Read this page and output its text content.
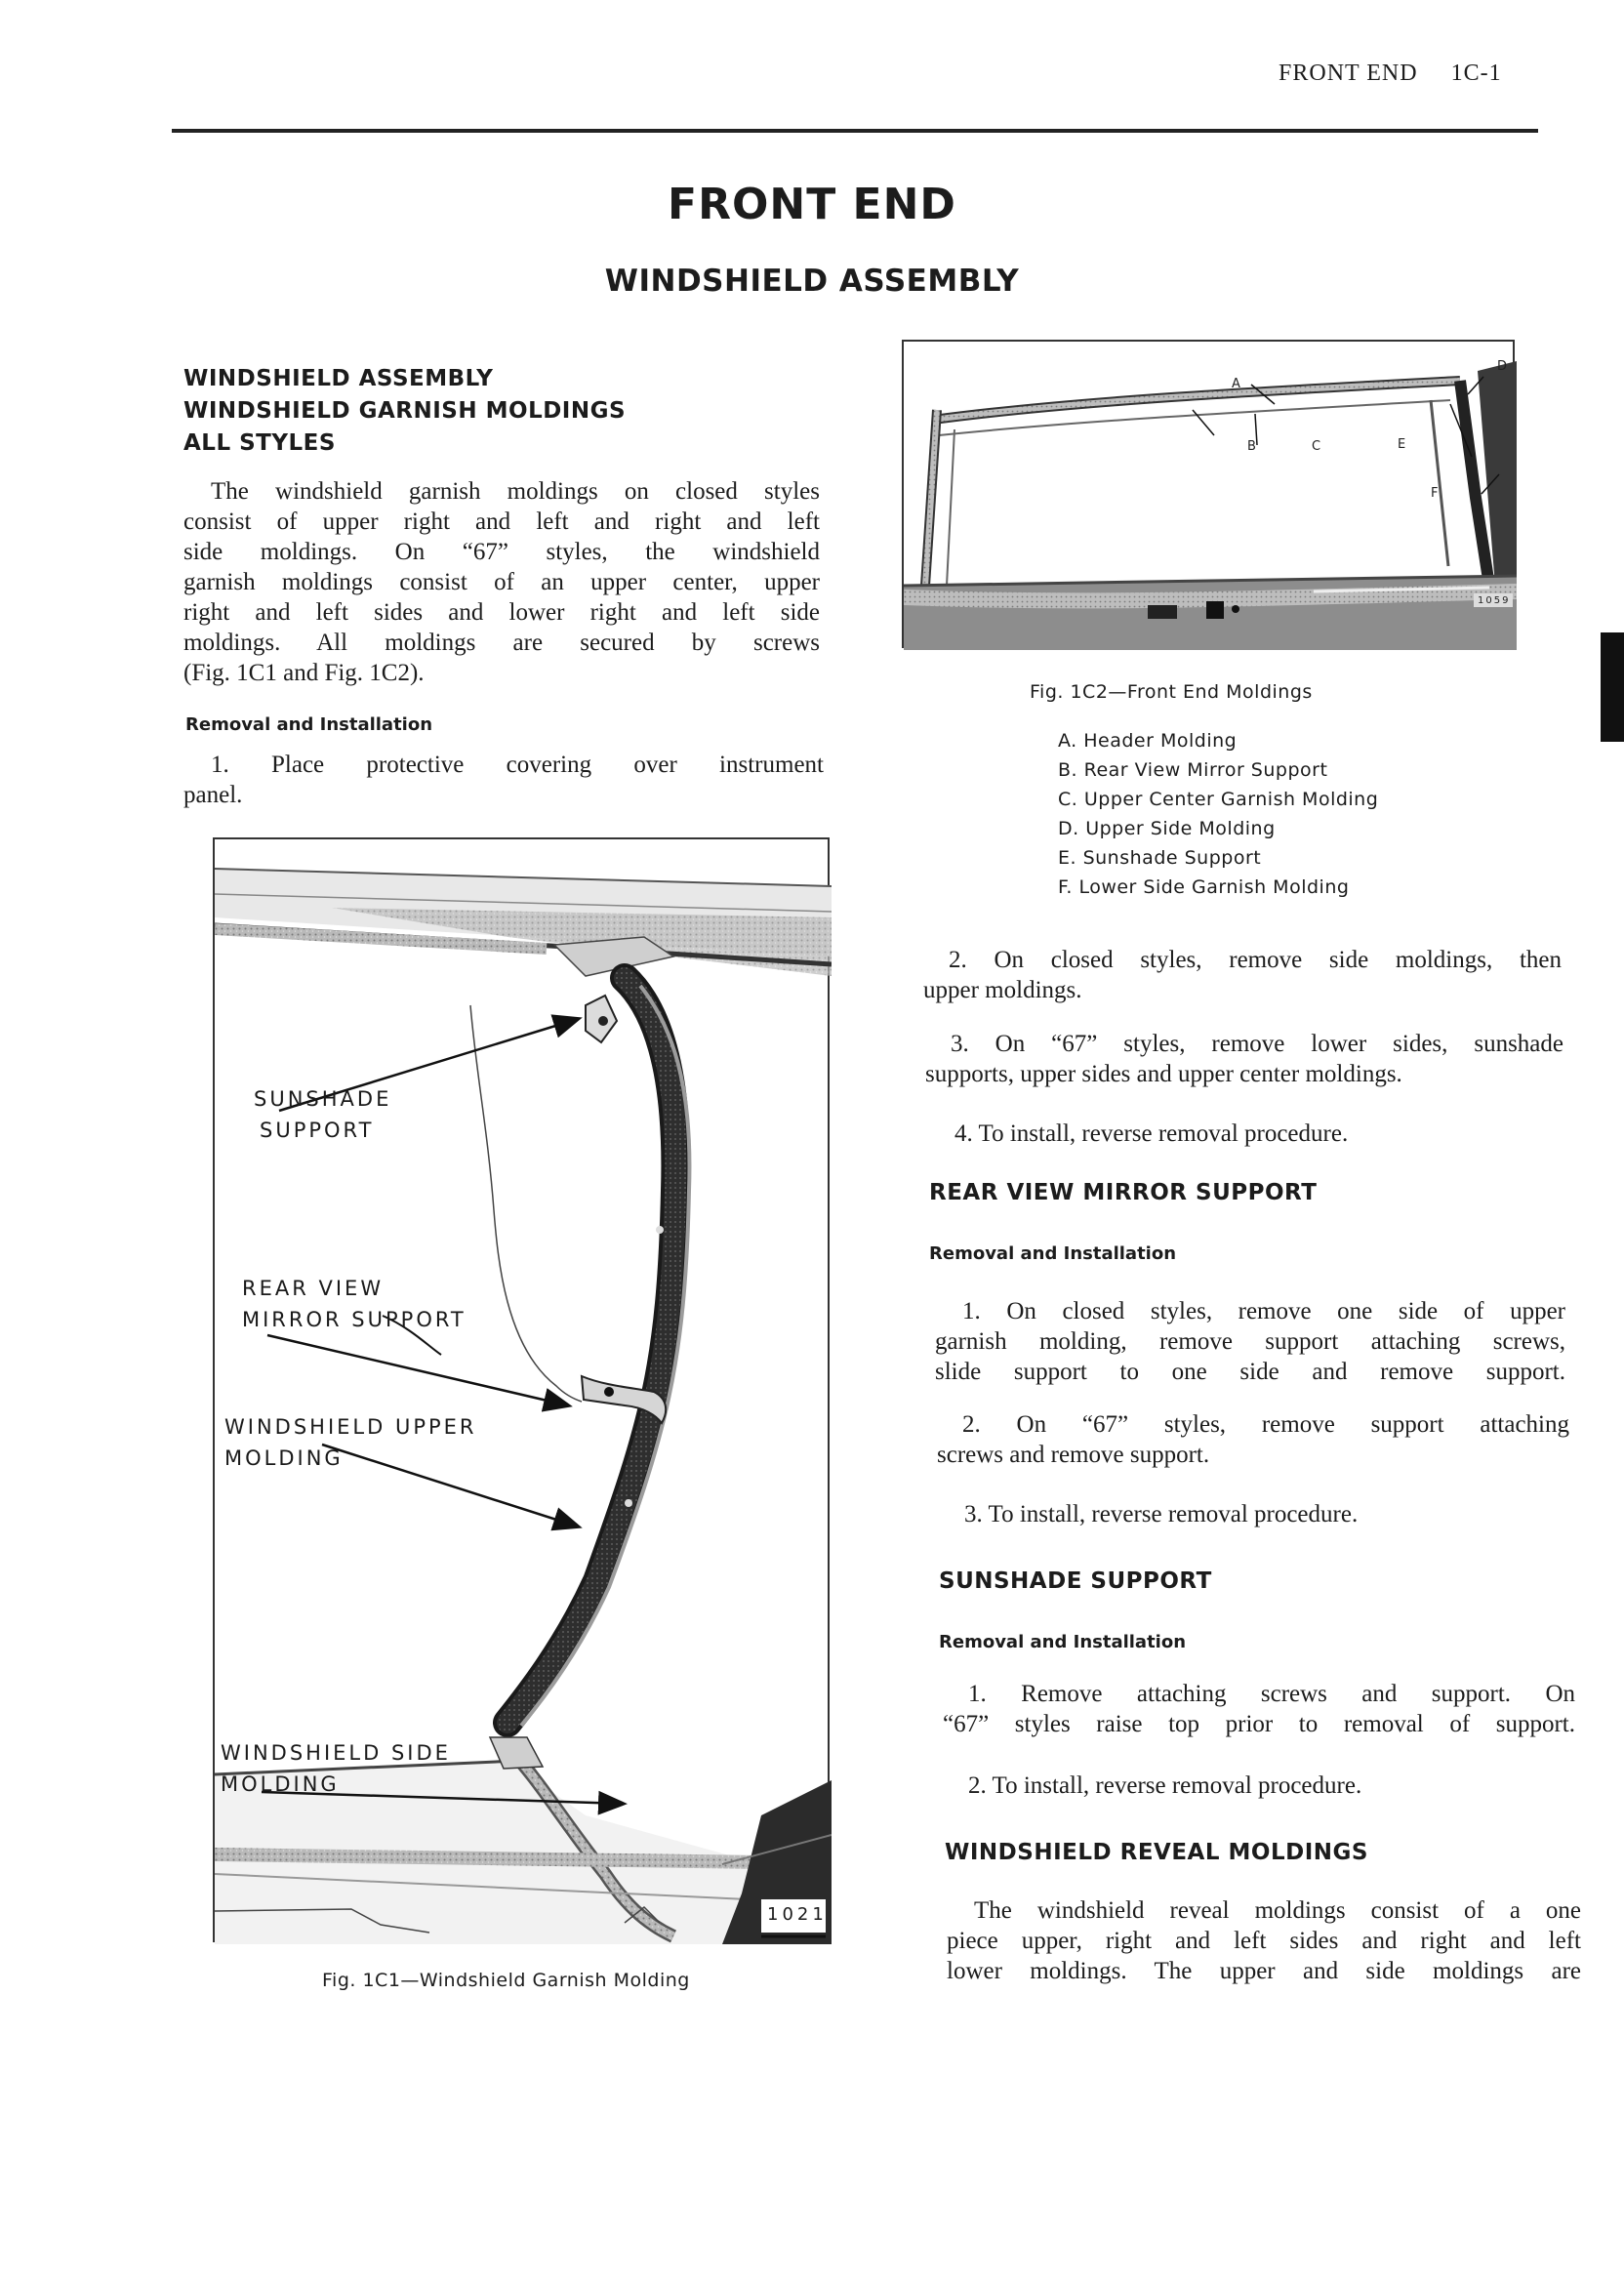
FRONT END 1C-1
FRONT END
WINDSHIELD ASSEMBLY
WINDSHIELD ASSEMBLY
WINDSHIELD GARNISH MOLDINGS
ALL STYLES
The windshield garnish moldings on closed styles
consist of upper right and left and right and left
side moldings. On “67” styles, the windshield
garnish moldings consist of an upper center, upper
right and left sides and lower right and left side
moldings. All moldings are secured by screws
(Fig. 1C1 and Fig. 1C2).
Removal and Installation
1. Place protective covering over instrument
panel.
SUNSHADE
SUPPORT
REAR VIEW
MIRROR SUPPORT
WINDSHIELD UPPER
MOLDING
WINDSHIELD SIDE
MOLDING
1021
Fig. 1C1—Windshield Garnish Molding
A
B	C
D
E
F
1059
Fig. 1C2—Front End Moldings
A. Header Molding
B. Rear View Mirror Support
C. Upper Center Garnish Molding
D. Upper Side Molding
E. Sunshade Support
F. Lower Side Garnish Molding
2. On closed styles, remove side moldings, then
upper moldings.
3. On “67” styles, remove lower sides, sunshade
supports, upper sides and upper center moldings.
4. To install, reverse removal procedure.
REAR VIEW MIRROR SUPPORT
Removal and Installation
1. On closed styles, remove one side of upper
garnish molding, remove support attaching screws,
slide support to one side and remove support.
2. On “67” styles, remove support attaching
screws and remove support.
3. To install, reverse removal procedure.
SUNSHADE SUPPORT
Removal and Installation
1. Remove attaching screws and support. On
“67” styles raise top prior to removal of support.
2. To install, reverse removal procedure.
WINDSHIELD REVEAL MOLDINGS
The windshield reveal moldings consist of a one
piece upper, right and left sides and right and left
lower moldings. The upper and side moldings are
